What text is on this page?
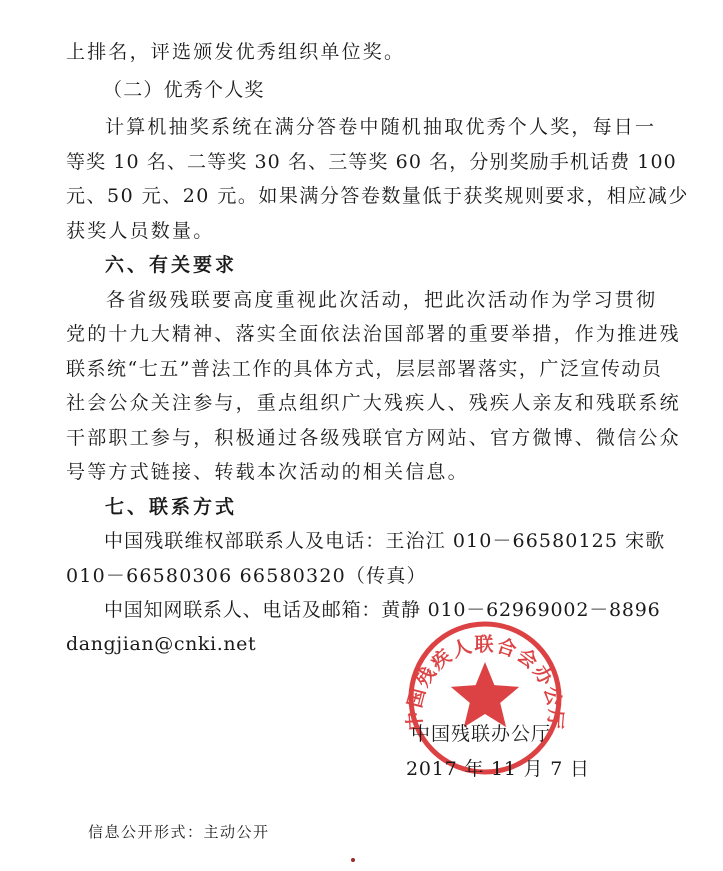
上排名，评选颁发优秀组织单位奖。
（二）优秀个人奖
计算机抽奖系统在满分答卷中随机抽取优秀个人奖，每日一
等奖 10 名、二等奖 30 名、三等奖 60 名，分别奖励手机话费 100
元、50 元、20 元。如果满分答卷数量低于获奖规则要求，相应减少
获奖人员数量。
六、有关要求
各省级残联要高度重视此次活动，把此次活动作为学习贯彻
党的十九大精神、落实全面依法治国部署的重要举措，作为推进残
联系统“七五”普法工作的具体方式，层层部署落实，广泛宣传动员
社会公众关注参与，重点组织广大残疾人、残疾人亲友和残联系统
干部职工参与，积极通过各级残联官方网站、官方微博、微信公众
号等方式链接、转载本次活动的相关信息。
七、联系方式
中国残联维权部联系人及电话：王治江 010－66580125 宋歌
010－66580306 66580320（传真）
中国知网联系人、电话及邮箱：黄静 010－62969002－8896
dangjian@cnki.net
中国残疾人联合会办公厅
中国残联办公厅
2017 年 11 月 7 日
信息公开形式：主动公开
